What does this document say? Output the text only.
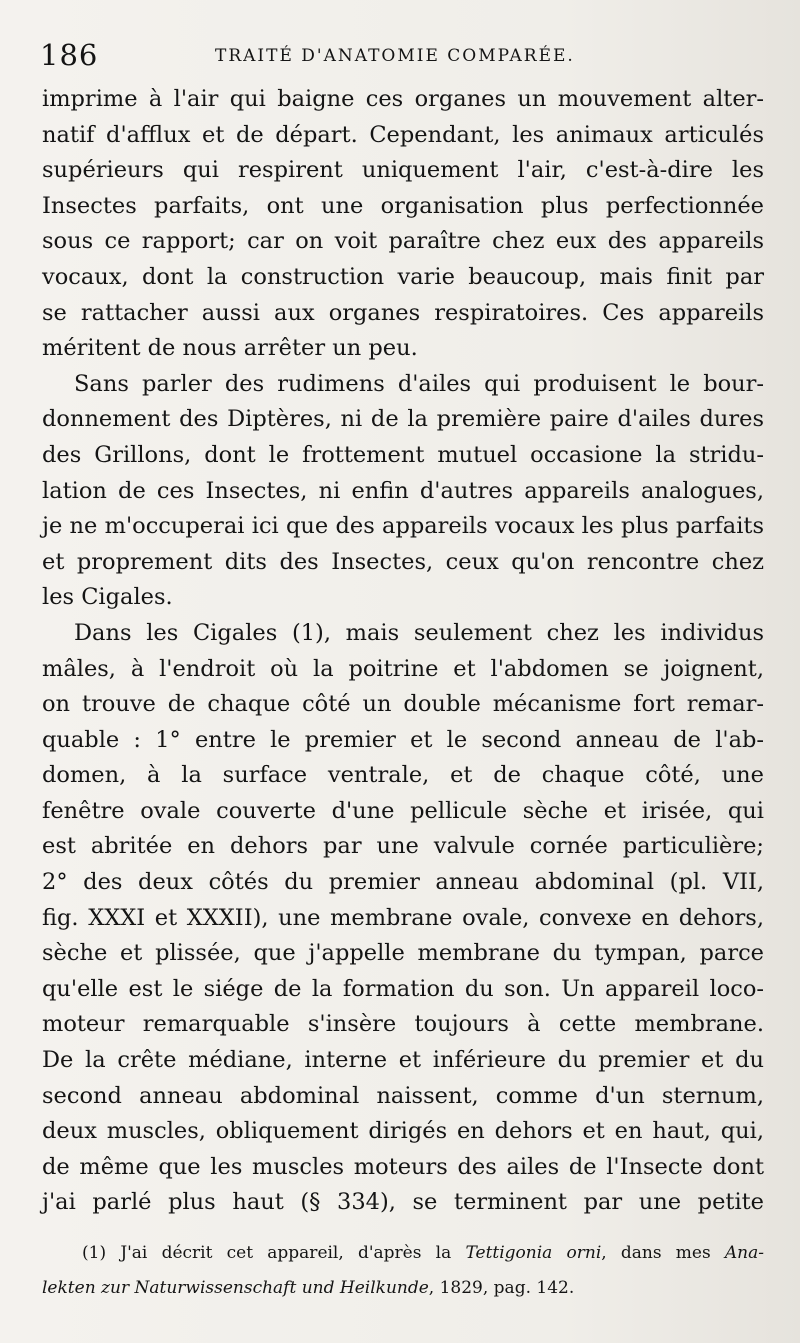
186	TRAITÉ D'ANATOMIE COMPARÉE.
imprime à l'air qui baigne ces organes un mouvement alter-
natif d'afflux et de départ. Cependant, les animaux articulés
supérieurs qui respirent uniquement l'air, c'est-à-dire les
Insectes parfaits, ont une organisation plus perfectionnée
sous ce rapport; car on voit paraître chez eux des appareils
vocaux, dont la construction varie beaucoup, mais finit par
se rattacher aussi aux organes respiratoires. Ces appareils
méritent de nous arrêter un peu.
Sans parler des rudimens d'ailes qui produisent le bour-
donnement des Diptères, ni de la première paire d'ailes dures
des Grillons, dont le frottement mutuel occasione la stridu-
lation de ces Insectes, ni enfin d'autres appareils analogues,
je ne m'occuperai ici que des appareils vocaux les plus parfaits
et proprement dits des Insectes, ceux qu'on rencontre chez
les Cigales.
Dans les Cigales (1), mais seulement chez les individus
mâles, à l'endroit où la poitrine et l'abdomen se joignent,
on trouve de chaque côté un double mécanisme fort remar-
quable : 1° entre le premier et le second anneau de l'ab-
domen, à la surface ventrale, et de chaque côté, une
fenêtre ovale couverte d'une pellicule sèche et irisée, qui
est abritée en dehors par une valvule cornée particulière;
2° des deux côtés du premier anneau abdominal (pl. VII,
fig. XXXI et XXXII), une membrane ovale, convexe en dehors,
sèche et plissée, que j'appelle membrane du tympan, parce
qu'elle est le siége de la formation du son. Un appareil loco-
moteur remarquable s'insère toujours à cette membrane.
De la crête médiane, interne et inférieure du premier et du
second anneau abdominal naissent, comme d'un sternum,
deux muscles, obliquement dirigés en dehors et en haut, qui,
de même que les muscles moteurs des ailes de l'Insecte dont
j'ai parlé plus haut (§ 334), se terminent par une petite
(1) J'ai décrit cet appareil, d'après la Tettigonia orni, dans mes Ana-
lekten zur Naturwissenschaft und Heilkunde, 1829, pag. 142.
